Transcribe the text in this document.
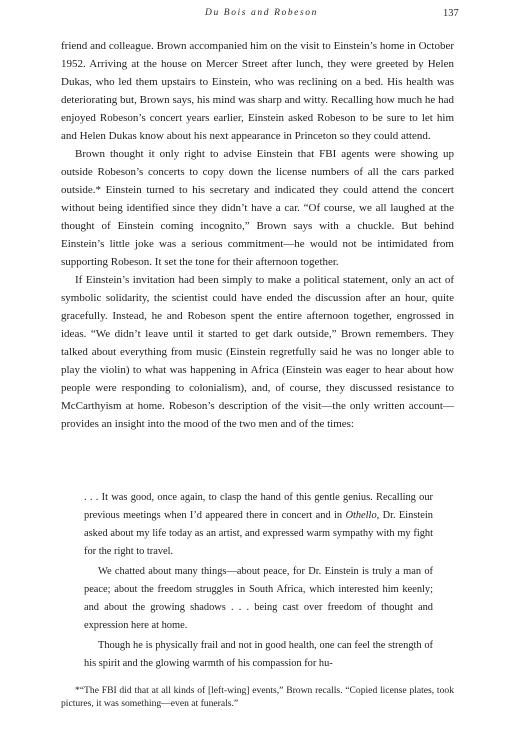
Du Bois and Robeson	137

friend and colleague. Brown accompanied him on the visit to Einstein’s home in October 1952. Arriving at the house on Mercer Street after lunch, they were greeted by Helen Dukas, who led them upstairs to Einstein, who was reclining on a bed. His health was deteriorating but, Brown says, his mind was sharp and witty. Recalling how much he had enjoyed Robeson’s concert years earlier, Einstein asked Robeson to be sure to let him and Helen Dukas know about his next appearance in Princeton so they could attend.

Brown thought it only right to advise Einstein that FBI agents were showing up outside Robeson’s concerts to copy down the license numbers of all the cars parked outside.* Einstein turned to his secretary and indicated they could attend the concert without being identified since they didn’t have a car. “Of course, we all laughed at the thought of Einstein coming incognito,” Brown says with a chuckle. But behind Einstein’s little joke was a serious commitment—he would not be intimidated from supporting Robeson. It set the tone for their afternoon together.

If Einstein’s invitation had been simply to make a political statement, only an act of symbolic solidarity, the scientist could have ended the discussion after an hour, quite gracefully. Instead, he and Robeson spent the entire afternoon together, engrossed in ideas. “We didn’t leave until it started to get dark outside,” Brown remembers. They talked about everything from music (Einstein regretfully said he was no longer able to play the violin) to what was happening in Africa (Einstein was eager to hear about how people were responding to colonialism), and, of course, they discussed resistance to McCarthyism at home. Robeson’s description of the visit—the only written account—provides an insight into the mood of the two men and of the times:

. . . It was good, once again, to clasp the hand of this gentle genius. Recalling our previous meetings when I’d appeared there in concert and in Othello, Dr. Einstein asked about my life today as an artist, and expressed warm sympathy with my fight for the right to travel.

We chatted about many things—about peace, for Dr. Einstein is truly a man of peace; about the freedom struggles in South Africa, which interested him keenly; and about the growing shadows . . . being cast over freedom of thought and expression here at home.

Though he is physically frail and not in good health, one can feel the strength of his spirit and the glowing warmth of his compassion for hu-

*“The FBI did that at all kinds of [left-wing] events,” Brown recalls. “Copied license plates, took pictures, it was something—even at funerals.”
